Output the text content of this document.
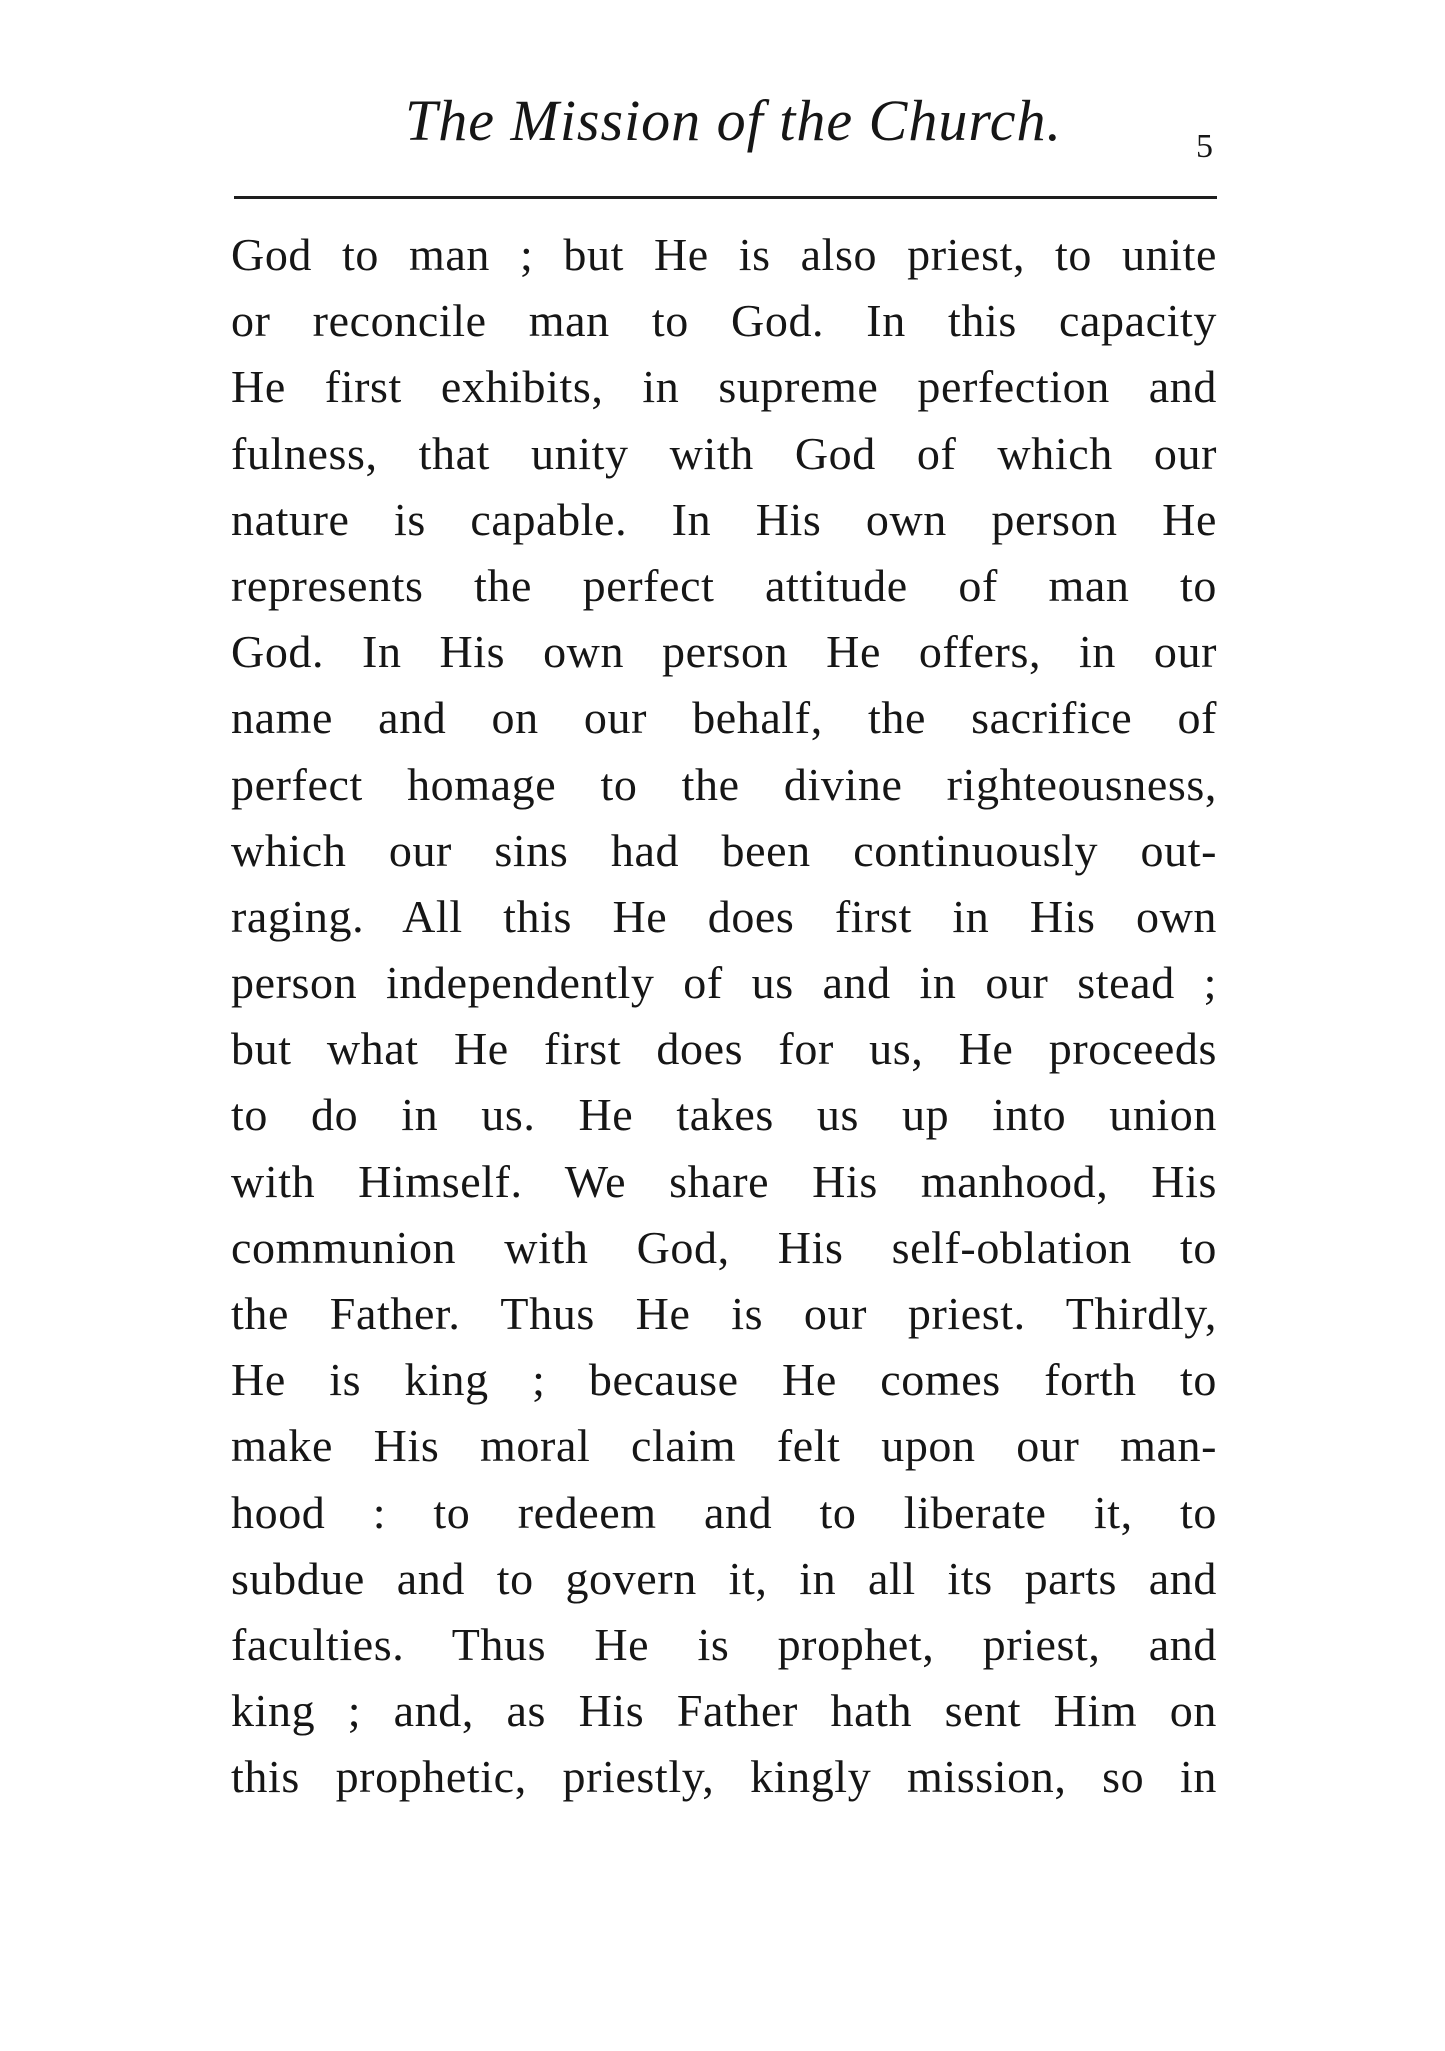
The Mission of the Church.	5
God to man ; but He is also priest, to unite
or reconcile man to God. In this capacity
He first exhibits, in supreme perfection and
fulness, that unity with God of which our
nature is capable. In His own person He
represents the perfect attitude of man to
God. In His own person He offers, in our
name and on our behalf, the sacrifice of
perfect homage to the divine righteousness,
which our sins had been continuously out-
raging. All this He does first in His own
person independently of us and in our stead ;
but what He first does for us, He proceeds
to do in us. He takes us up into union
with Himself. We share His manhood, His
communion with God, His self-oblation to
the Father. Thus He is our priest. Thirdly,
He is king ; because He comes forth to
make His moral claim felt upon our man-
hood : to redeem and to liberate it, to
subdue and to govern it, in all its parts and
faculties. Thus He is prophet, priest, and
king ; and, as His Father hath sent Him on
this prophetic, priestly, kingly mission, so in
